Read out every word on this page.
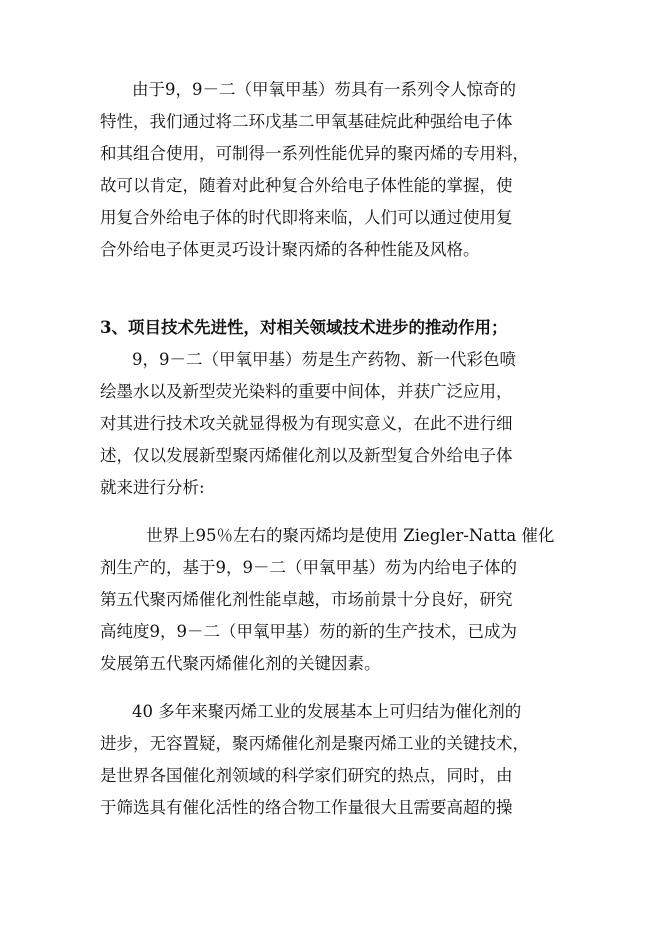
由于9，9－二（甲氧甲基）芴具有一系列令人惊奇的
特性，我们通过将二环戊基二甲氧基硅烷此种强给电子体
和其组合使用，可制得一系列性能优异的聚丙烯的专用料，
故可以肯定，随着对此种复合外给电子体性能的掌握，使
用复合外给电子体的时代即将来临，人们可以通过使用复
合外给电子体更灵巧设计聚丙烯的各种性能及风格。
3、项目技术先进性，对相关领域技术进步的推动作用；
9，9－二（甲氧甲基）芴是生产药物、新一代彩色喷
绘墨水以及新型荧光染料的重要中间体，并获广泛应用，
对其进行技术攻关就显得极为有现实意义，在此不进行细
述，仅以发展新型聚丙烯催化剂以及新型复合外给电子体
就来进行分析:
世界上95％左右的聚丙烯均是使用 Ziegler-Natta 催化
剂生产的，基于9，9－二（甲氧甲基）芴为内给电子体的
第五代聚丙烯催化剂性能卓越，市场前景十分良好，研究
高纯度9，9－二（甲氧甲基）芴的新的生产技术，已成为
发展第五代聚丙烯催化剂的关键因素。
40 多年来聚丙烯工业的发展基本上可归结为催化剂的
进步，无容置疑，聚丙烯催化剂是聚丙烯工业的关键技术，
是世界各国催化剂领域的科学家们研究的热点，同时，由
于筛选具有催化活性的络合物工作量很大且需要高超的操
